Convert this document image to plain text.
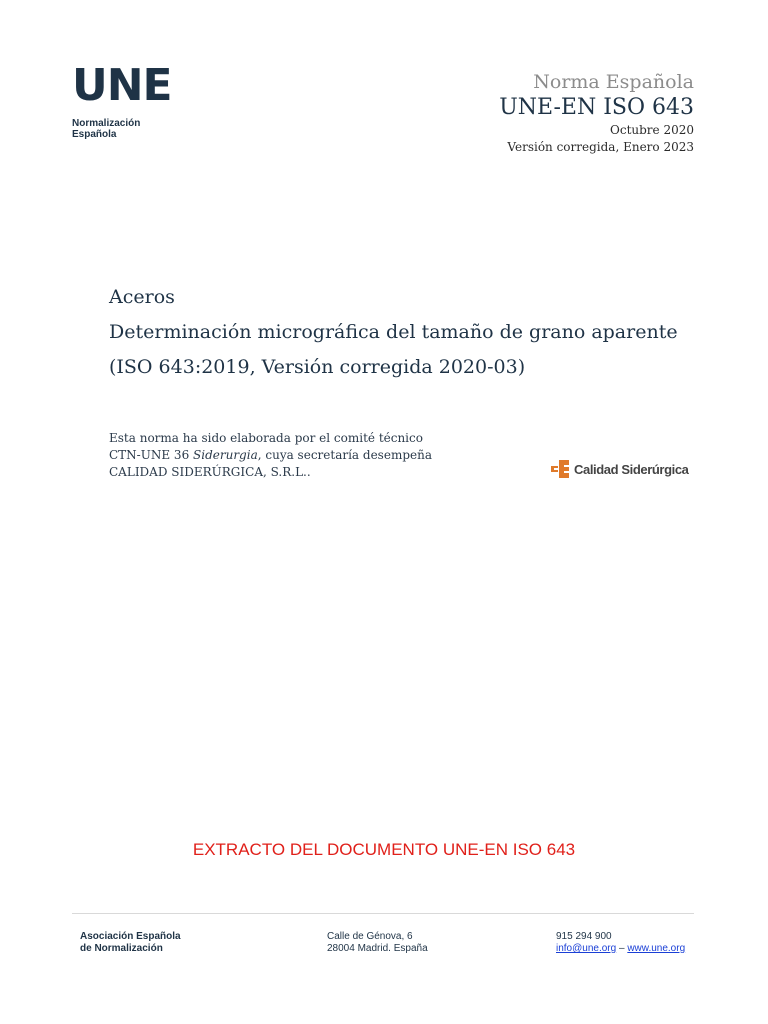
UNE
Normalización
Española
Norma Española
UNE-EN ISO 643
Octubre 2020
Versión corregida, Enero 2023
Aceros
Determinación micrográfica del tamaño de grano aparente
(ISO 643:2019, Versión corregida 2020-03)
Esta norma ha sido elaborada por el comité técnico
CTN-UNE 36 Siderurgia, cuya secretaría desempeña
CALIDAD SIDERÚRGICA, S.R.L..	Calidad Siderúrgica
EXTRACTO DEL DOCUMENTO UNE-EN ISO 643
Asociación Española
de Normalización
Calle de Génova, 6
28004 Madrid. España
915 294 900
info@une.org – www.une.org
